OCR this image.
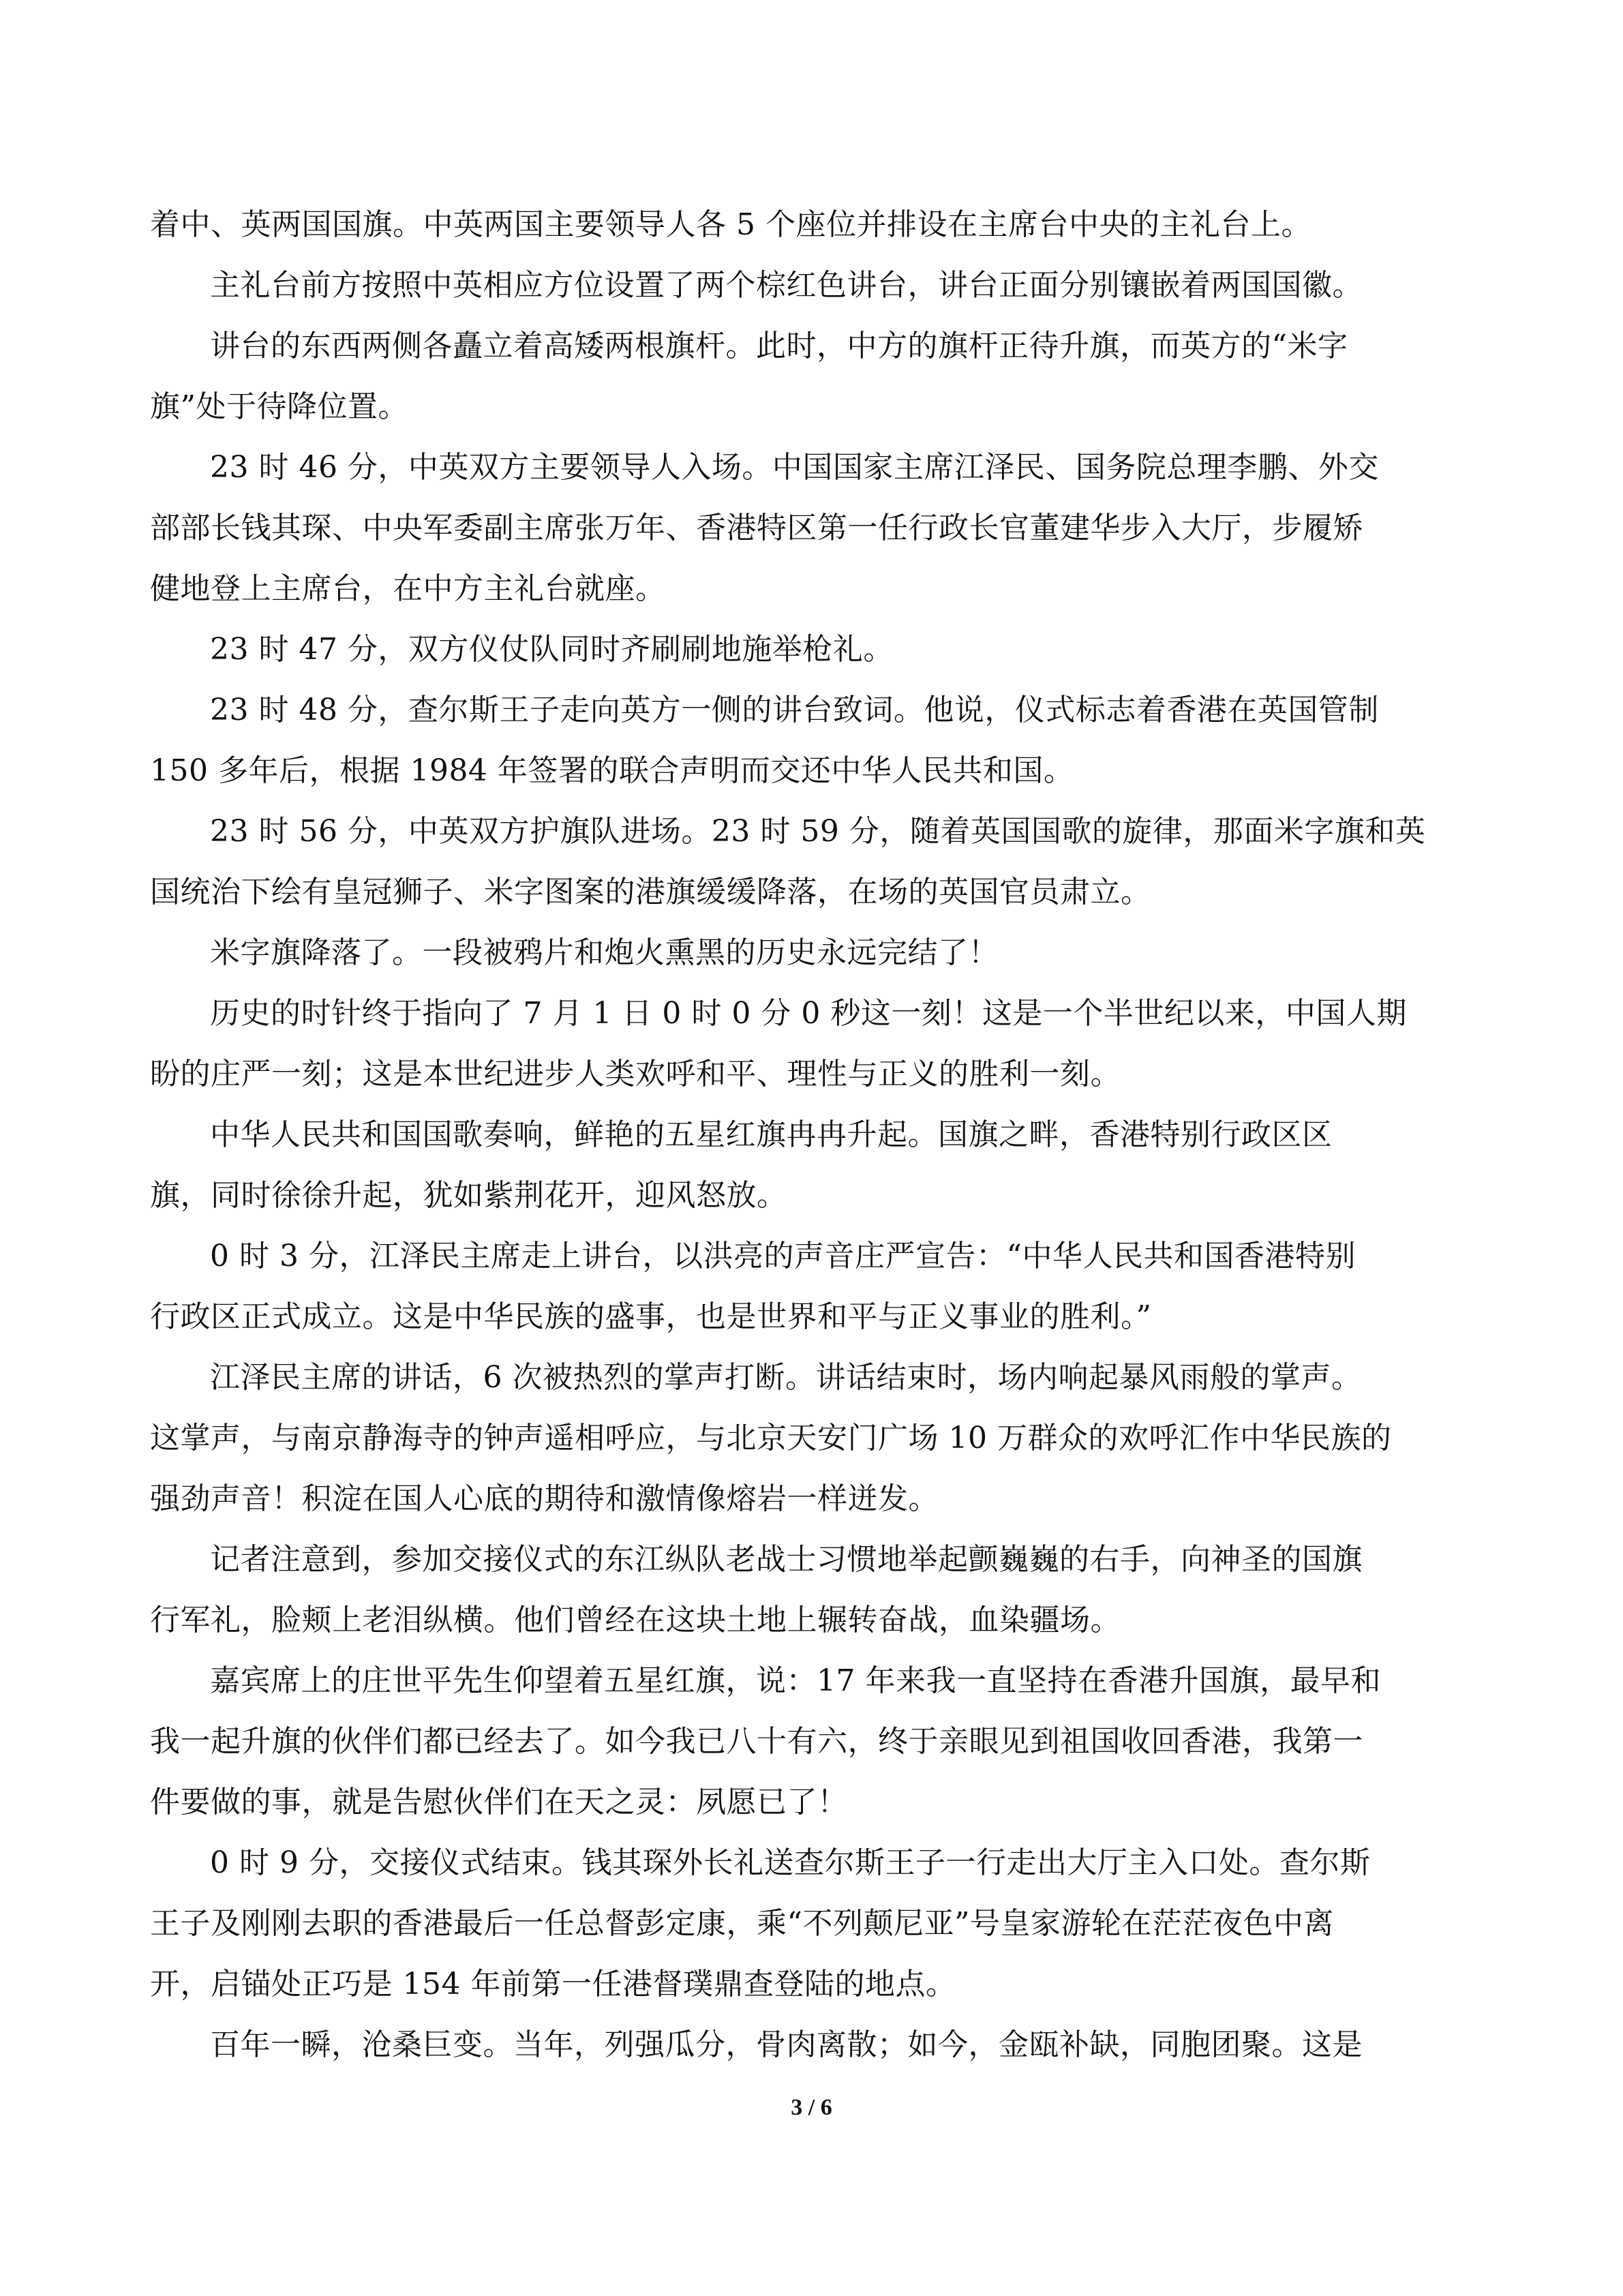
着中、英两国国旗。中英两国主要领导人各 5 个座位并排设在主席台中央的主礼台上。
主礼台前方按照中英相应方位设置了两个棕红色讲台，讲台正面分别镶嵌着两国国徽。
讲台的东西两侧各矗立着高矮两根旗杆。此时，中方的旗杆正待升旗，而英方的“米字
旗”处于待降位置。
23 时 46 分，中英双方主要领导人入场。中国国家主席江泽民、国务院总理李鹏、外交
部部长钱其琛、中央军委副主席张万年、香港特区第一任行政长官董建华步入大厅，步履矫
健地登上主席台，在中方主礼台就座。
23 时 47 分，双方仪仗队同时齐刷刷地施举枪礼。
23 时 48 分，查尔斯王子走向英方一侧的讲台致词。他说，仪式标志着香港在英国管制
150 多年后，根据 1984 年签署的联合声明而交还中华人民共和国。
23 时 56 分，中英双方护旗队进场。23 时 59 分，随着英国国歌的旋律，那面米字旗和英
国统治下绘有皇冠狮子、米字图案的港旗缓缓降落，在场的英国官员肃立。
米字旗降落了。一段被鸦片和炮火熏黑的历史永远完结了！
历史的时针终于指向了 7 月 1 日 0 时 0 分 0 秒这一刻！这是一个半世纪以来，中国人期
盼的庄严一刻；这是本世纪进步人类欢呼和平、理性与正义的胜利一刻。
中华人民共和国国歌奏响，鲜艳的五星红旗冉冉升起。国旗之畔，香港特别行政区区
旗，同时徐徐升起，犹如紫荆花开，迎风怒放。
0 时 3 分，江泽民主席走上讲台，以洪亮的声音庄严宣告：“中华人民共和国香港特别
行政区正式成立。这是中华民族的盛事，也是世界和平与正义事业的胜利。”
江泽民主席的讲话，6 次被热烈的掌声打断。讲话结束时，场内响起暴风雨般的掌声。
这掌声，与南京静海寺的钟声遥相呼应，与北京天安门广场 10 万群众的欢呼汇作中华民族的
强劲声音！积淀在国人心底的期待和激情像熔岩一样迸发。
记者注意到，参加交接仪式的东江纵队老战士习惯地举起颤巍巍的右手，向神圣的国旗
行军礼，脸颊上老泪纵横。他们曾经在这块土地上辗转奋战，血染疆场。
嘉宾席上的庄世平先生仰望着五星红旗，说：17 年来我一直坚持在香港升国旗，最早和
我一起升旗的伙伴们都已经去了。如今我已八十有六，终于亲眼见到祖国收回香港，我第一
件要做的事，就是告慰伙伴们在天之灵：夙愿已了！
0 时 9 分，交接仪式结束。钱其琛外长礼送查尔斯王子一行走出大厅主入口处。查尔斯
王子及刚刚去职的香港最后一任总督彭定康，乘“不列颠尼亚”号皇家游轮在茫茫夜色中离
开，启锚处正巧是 154 年前第一任港督璞鼎查登陆的地点。
百年一瞬，沧桑巨变。当年，列强瓜分，骨肉离散；如今，金瓯补缺，同胞团聚。这是
3 / 6
